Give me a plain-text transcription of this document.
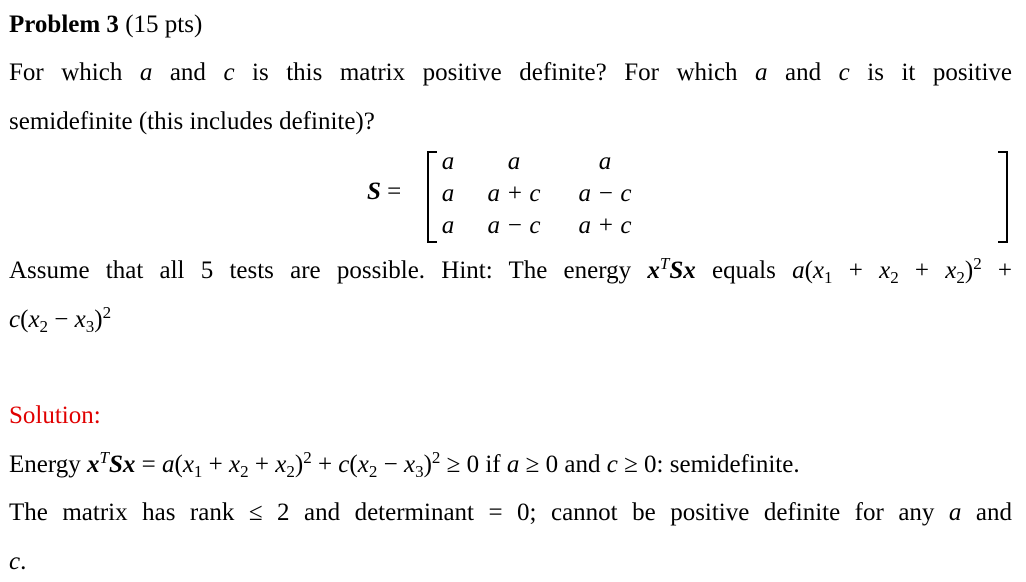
Problem 3 (15 pts)
For which a and c is this matrix positive definite? For which a and c is it positive
semidefinite (this includes definite)?
S =
a	a	a
a	a + c	a − c
a	a − c	a + c
Assume that all 5 tests are possible. Hint: The energy $x^TSx$ equals $a(x_1 + x_2 + x_2)^2$ +
$c(x_2 - x_3)^2$
Solution:
Energy $x^TSx = a(x_1 + x_2 + x_2)^2 + c(x_2 - x_3)^2 \ge 0$ if a ≥ 0 and c ≥ 0: semidefinite.
The matrix has rank ≤ 2 and determinant = 0; cannot be positive definite for any a and
c.
